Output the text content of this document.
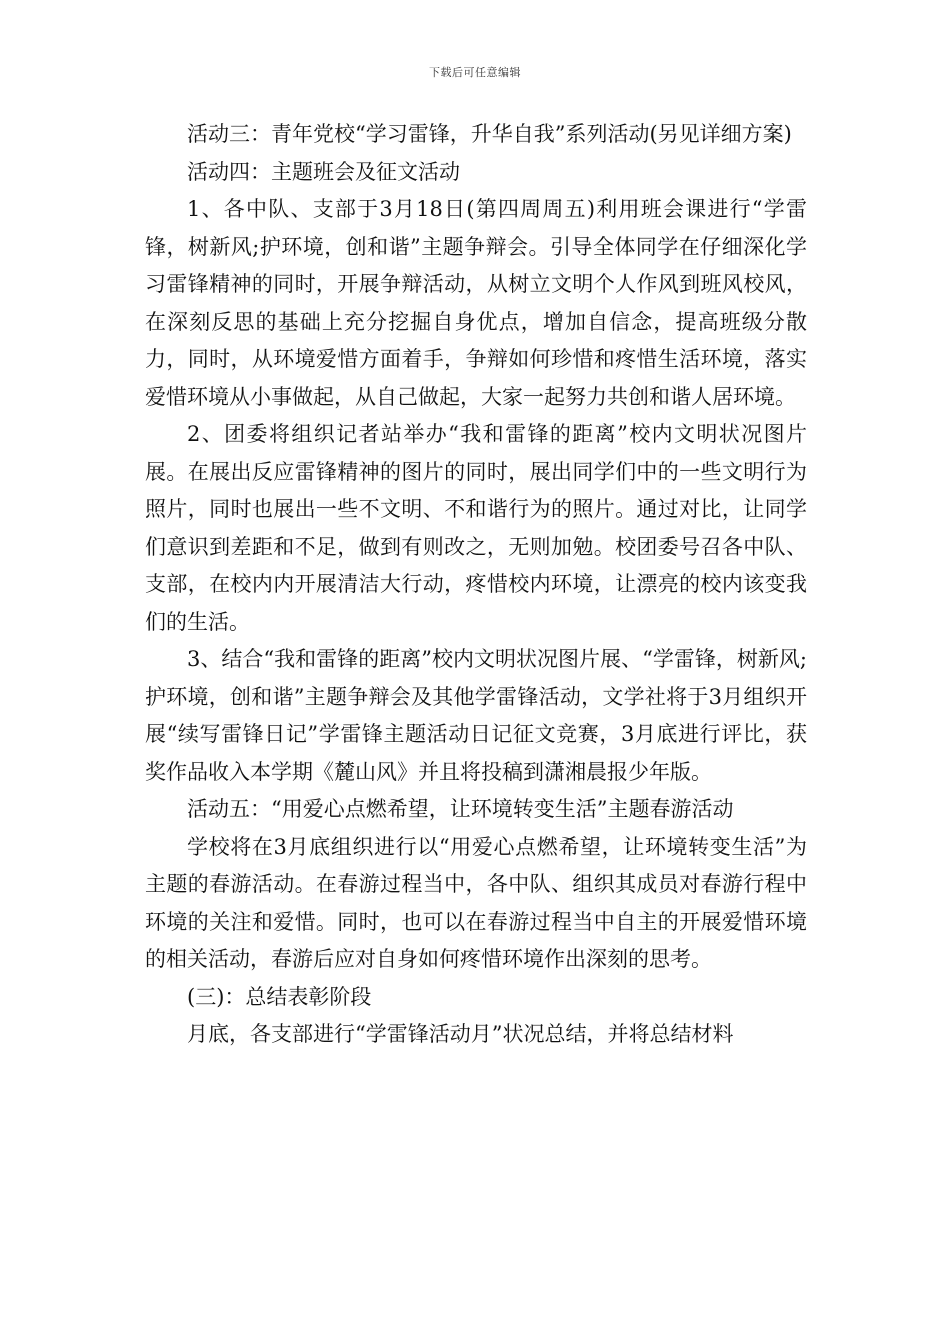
下载后可任意编辑

活动三：青年党校“学习雷锋，升华自我”系列活动(另见详细方案)

活动四：主题班会及征文活动

1、各中队、支部于3月18日(第四周周五)利用班会课进行“学雷锋，树新风;护环境，创和谐”主题争辩会。引导全体同学在仔细深化学习雷锋精神的同时，开展争辩活动，从树立文明个人作风到班风校风，在深刻反思的基础上充分挖掘自身优点，增加自信念，提高班级分散力，同时，从环境爱惜方面着手，争辩如何珍惜和疼惜生活环境，落实爱惜环境从小事做起，从自己做起，大家一起努力共创和谐人居环境。

2、团委将组织记者站举办“我和雷锋的距离”校内文明状况图片展。在展出反应雷锋精神的图片的同时，展出同学们中的一些文明行为照片，同时也展出一些不文明、不和谐行为的照片。通过对比，让同学们意识到差距和不足，做到有则改之，无则加勉。校团委号召各中队、支部，在校内内开展清洁大行动，疼惜校内环境，让漂亮的校内该变我们的生活。

3、结合“我和雷锋的距离”校内文明状况图片展、“学雷锋，树新风;护环境，创和谐”主题争辩会及其他学雷锋活动，文学社将于3月组织开展“续写雷锋日记”学雷锋主题活动日记征文竞赛，3月底进行评比，获奖作品收入本学期《麓山风》并且将投稿到潇湘晨报少年版。

活动五：“用爱心点燃希望，让环境转变生活”主题春游活动

学校将在3月底组织进行以“用爱心点燃希望，让环境转变生活”为主题的春游活动。在春游过程当中，各中队、组织其成员对春游行程中环境的关注和爱惜。同时，也可以在春游过程当中自主的开展爱惜环境的相关活动，春游后应对自身如何疼惜环境作出深刻的思考。

(三)：总结表彰阶段

月底，各支部进行“学雷锋活动月”状况总结，并将总结材料
